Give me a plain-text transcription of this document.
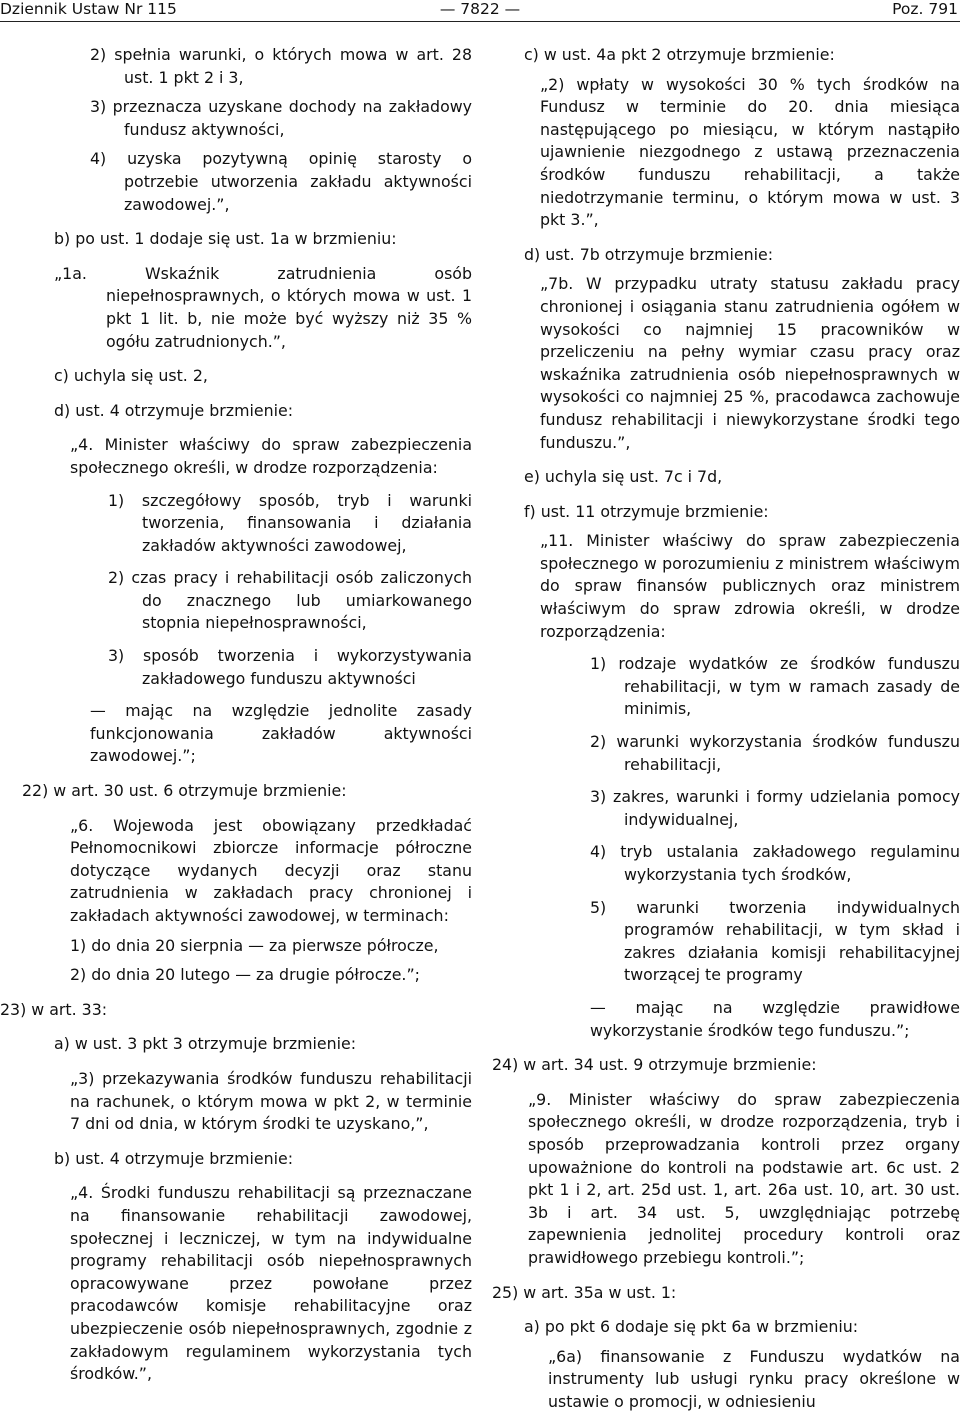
Dziennik Ustaw Nr 115	— 7822 —	Poz. 791
2) spełnia warunki, o których mowa w art. 28 ust. 1 pkt 2 i 3,
3) przeznacza uzyskane dochody na zakładowy fundusz aktywności,
4) uzyska pozytywną opinię starosty o potrzebie utworzenia zakładu aktywności zawodowej.”,
b) po ust. 1 dodaje się ust. 1a w brzmieniu:
„1a. Wskaźnik zatrudnienia osób niepełnosprawnych, o których mowa w ust. 1 pkt 1 lit. b, nie może być wyższy niż 35 % ogółu zatrudnionych.”,
c) uchyla się ust. 2,
d) ust. 4 otrzymuje brzmienie:
„4. Minister właściwy do spraw zabezpieczenia społecznego określi, w drodze rozporządzenia:
1) szczegółowy sposób, tryb i warunki tworzenia, finansowania i działania zakładów aktywności zawodowej,
2) czas pracy i rehabilitacji osób zaliczonych do znacznego lub umiarkowanego stopnia niepełnosprawności,
3) sposób tworzenia i wykorzystywania zakładowego funduszu aktywności
— mając na względzie jednolite zasady funkcjonowania zakładów aktywności zawodowej.”;
22) w art. 30 ust. 6 otrzymuje brzmienie:
„6. Wojewoda jest obowiązany przedkładać Pełnomocnikowi zbiorcze informacje półroczne dotyczące wydanych decyzji oraz stanu zatrudnienia w zakładach pracy chronionej i zakładach aktywności zawodowej, w terminach:
1) do dnia 20 sierpnia — za pierwsze półrocze,
2) do dnia 20 lutego — za drugie półrocze.”;
23) w art. 33:
a) w ust. 3 pkt 3 otrzymuje brzmienie:
„3) przekazywania środków funduszu rehabilitacji na rachunek, o którym mowa w pkt 2, w terminie 7 dni od dnia, w którym środki te uzyskano,”,
b) ust. 4 otrzymuje brzmienie:
„4. Środki funduszu rehabilitacji są przeznaczane na finansowanie rehabilitacji zawodowej, społecznej i leczniczej, w tym na indywidualne programy rehabilitacji osób niepełnosprawnych opracowywane przez powołane przez pracodawców komisje rehabilitacyjne oraz ubezpieczenie osób niepełnosprawnych, zgodnie z zakładowym regulaminem wykorzystania tych środków.”,
c) w ust. 4a pkt 2 otrzymuje brzmienie:
„2) wpłaty w wysokości 30 % tych środków na Fundusz w terminie do 20. dnia miesiąca następującego po miesiącu, w którym nastąpiło ujawnienie niezgodnego z ustawą przeznaczenia środków funduszu rehabilitacji, a także niedotrzymanie terminu, o którym mowa w ust. 3 pkt 3.”,
d) ust. 7b otrzymuje brzmienie:
„7b. W przypadku utraty statusu zakładu pracy chronionej i osiągania stanu zatrudnienia ogółem w wysokości co najmniej 15 pracowników w przeliczeniu na pełny wymiar czasu pracy oraz wskaźnika zatrudnienia osób niepełnosprawnych w wysokości co najmniej 25 %, pracodawca zachowuje fundusz rehabilitacji i niewykorzystane środki tego funduszu.”,
e) uchyla się ust. 7c i 7d,
f) ust. 11 otrzymuje brzmienie:
„11. Minister właściwy do spraw zabezpieczenia społecznego w porozumieniu z ministrem właściwym do spraw finansów publicznych oraz ministrem właściwym do spraw zdrowia określi, w drodze rozporządzenia:
1) rodzaje wydatków ze środków funduszu rehabilitacji, w tym w ramach zasady de minimis,
2) warunki wykorzystania środków funduszu rehabilitacji,
3) zakres, warunki i formy udzielania pomocy indywidualnej,
4) tryb ustalania zakładowego regulaminu wykorzystania tych środków,
5) warunki tworzenia indywidualnych programów rehabilitacji, w tym skład i zakres działania komisji rehabilitacyjnej tworzącej te programy
— mając na względzie prawidłowe wykorzystanie środków tego funduszu.”;
24) w art. 34 ust. 9 otrzymuje brzmienie:
„9. Minister właściwy do spraw zabezpieczenia społecznego określi, w drodze rozporządzenia, tryb i sposób przeprowadzania kontroli przez organy upoważnione do kontroli na podstawie art. 6c ust. 2 pkt 1 i 2, art. 25d ust. 1, art. 26a ust. 10, art. 30 ust. 3b i art. 34 ust. 5, uwzględniając potrzebę zapewnienia jednolitej procedury kontroli oraz prawidłowego przebiegu kontroli.”;
25) w art. 35a w ust. 1:
a) po pkt 6 dodaje się pkt 6a w brzmieniu:
„6a) finansowanie z Funduszu wydatków na instrumenty lub usługi rynku pracy określone w ustawie o promocji, w odniesieniu
